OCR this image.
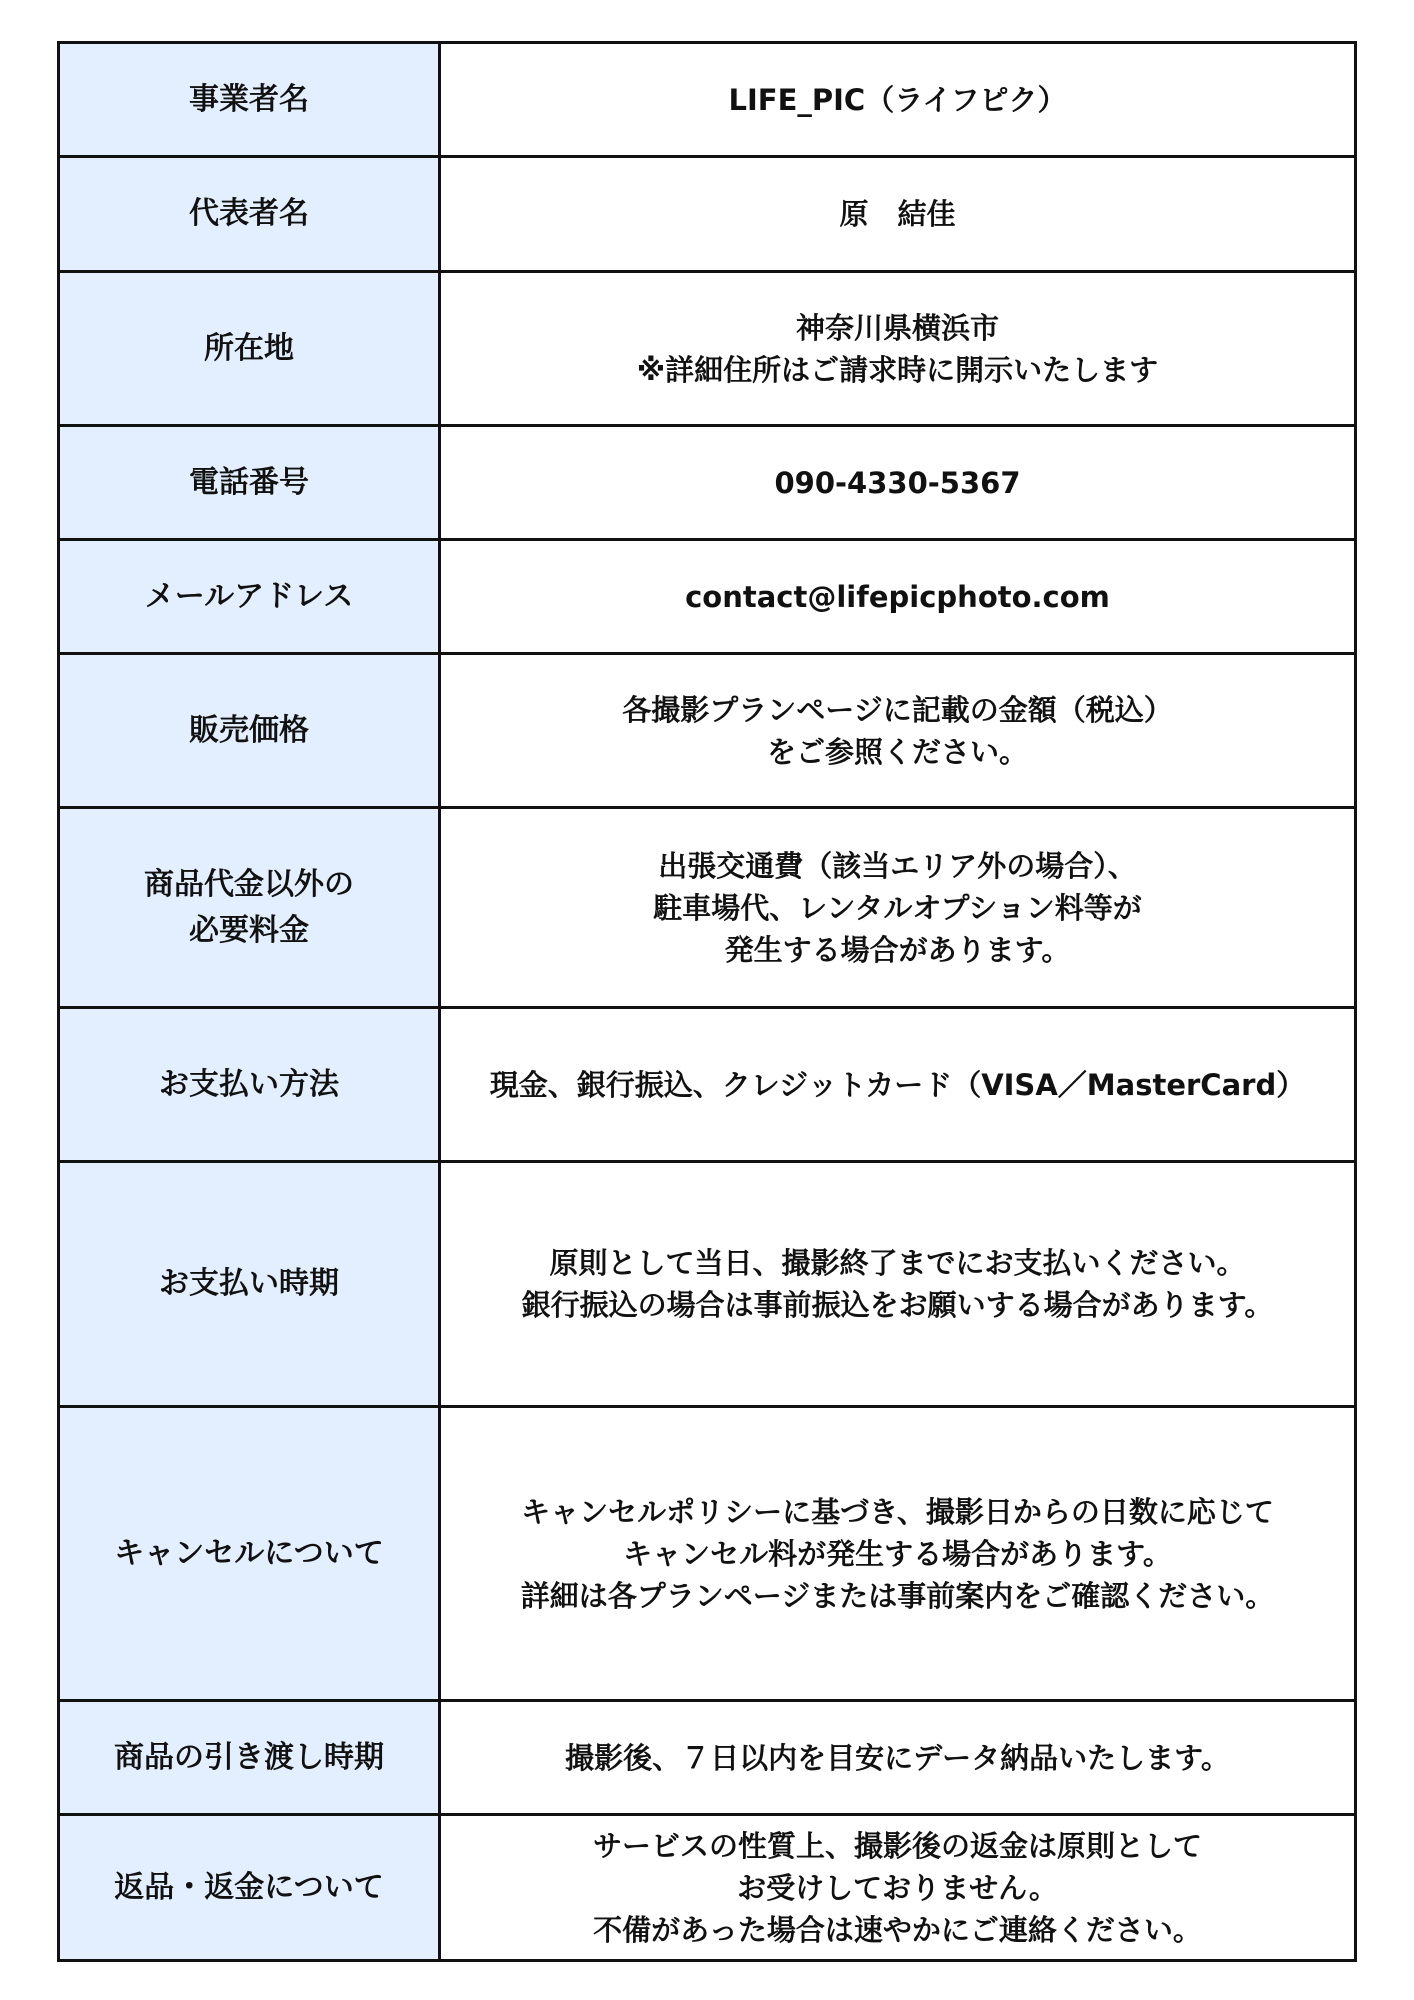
事業者名	LIFE_PIC（ライフピク）

代表者名	原　結佳

所在地	神奈川県横浜市
※詳細住所はご請求時に開示いたします

電話番号	090-4330-5367

メールアドレス	contact@lifepicphoto.com

販売価格	各撮影プランページに記載の金額（税込）
をご参照ください。

商品代金以外の
必要料金	出張交通費（該当エリア外の場合）、
駐車場代、レンタルオプション料等が
発生する場合があります。

お支払い方法	現金、銀行振込、クレジットカード（VISA／MasterCard）

お支払い時期	原則として当日、撮影終了までにお支払いください。
銀行振込の場合は事前振込をお願いする場合があります。

キャンセルについて	キャンセルポリシーに基づき、撮影日からの日数に応じて
キャンセル料が発生する場合があります。
詳細は各プランページまたは事前案内をご確認ください。

商品の引き渡し時期	撮影後、７日以内を目安にデータ納品いたします。

返品・返金について	サービスの性質上、撮影後の返金は原則として
お受けしておりません。
不備があった場合は速やかにご連絡ください。
